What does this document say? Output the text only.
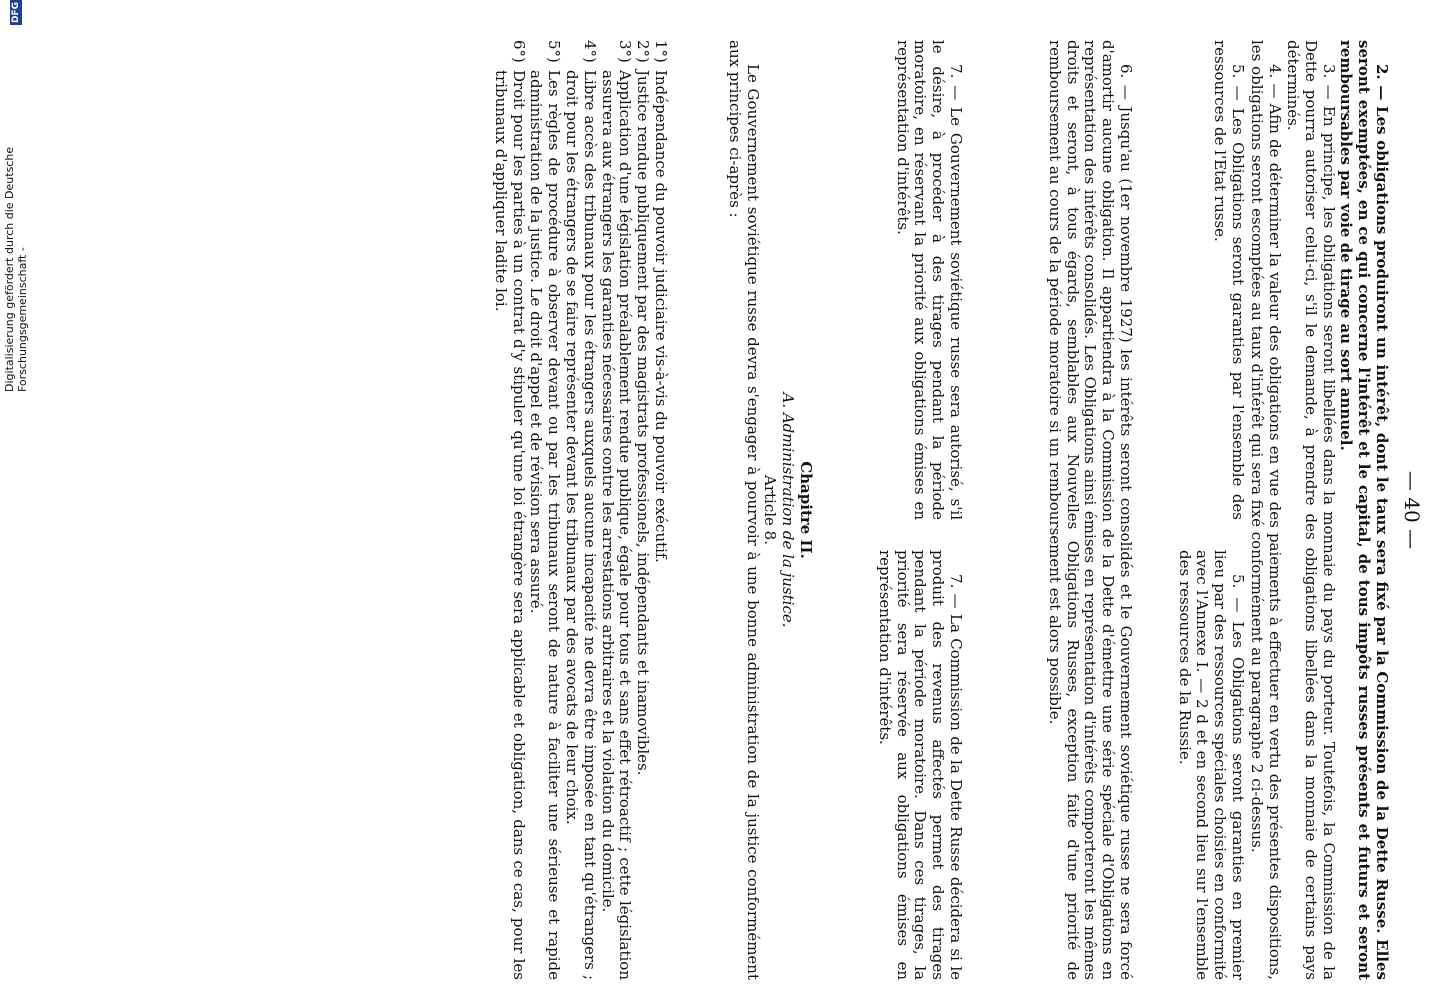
— 40 —

2. — Les obligations produiront un intérêt, dont le taux sera fixé par la Commission de la Dette Russe. Elles seront exemptées, en ce qui concerne l'intérêt et le capital, de tous impôts russes présents et futurs et seront remboursables par voie de tirage au sort annuel.

3. — En principe, les obligations seront libellées dans la monnaie du pays du porteur. Toutefois, la Commission de la Dette pourra autoriser celui-ci, s'il le demande, à prendre des obligations libellées dans la monnaie de certains pays déterminés.

4. — Afin de déterminer la valeur des obligations en vue des paiements à effectuer en vertu des présentes dispositions, les obligations seront escomptées au taux d'intérêt qui sera fixé conformément au paragraphe 2 ci-dessus.

5. — Les Obligations seront garanties par l'ensemble des ressources de l'Etat russe.

5. — Les Obligations seront garanties en premier lieu par des ressources spéciales choisies en conformité avec l'Annexe I. — 2 d et en second lieu sur l'ensemble des ressources de la Russie.

6. — Jusqu'au (1er novembre 1927) les intérêts seront consolidés et le Gouvernement soviétique russe ne sera forcé d'amortir aucune obligation. Il appartiendra à la Commission de la Dette d'émettre une série spéciale d'Obligations en représentation des intérêts consolidés. Les Obligations ainsi émises en représentation d'intérêts comporteront les mêmes droits et seront, à tous égards, semblables aux Nouvelles Obligations Russes, exception faite d'une priorité de remboursement au cours de la période moratoire si un remboursement est alors possible.

7. — Le Gouvernement soviétique russe sera autorisé, s'il le désire, à procéder à des tirages pendant la période moratoire, en réservant la priorité aux obligations émises en représentation d'intérêts.

7. — La Commission de la Dette Russe décidera si le produit des revenus affectés permet des tirages pendant la période moratoire. Dans ces tirages, la priorité sera réservée aux obligations émises en représentation d'intérêts.

Chapitre II.

A. Administration de la justice.

Article 8.

Le Gouvernement soviétique russe devra s'engager à pourvoir à une bonne administration de la justice conformément aux principes ci-après :

1°)
Indépendance du pouvoir judiciaire vis-à-vis du pouvoir exécutif.
2°)
Justice rendue publiquement par des magistrats professionels, indépendants et inamovibles.
3°)
Application d'une législation préalablement rendue publique, égale pour tous et sans effet rétroactif ; cette législation assurera aux étrangers les garanties nécessaires contre les arrestations arbitraires et la violation du domicile.
4°)
Libre accès des tribunaux pour les étrangers auxquels aucune incapacité ne devra être imposée en tant qu'étrangers ; droit pour les étrangers de se faire représenter devant les tribunaux par des avocats de leur choix.
5°)
Les règles de procédure à observer devant ou par les tribunaux seront de nature à faciliter une sérieuse et rapide administration de la justice. Le droit d'appel et de révision sera assuré.
6°)
Droit pour les parties à un contrat d'y stipuler qu'une loi étrangère sera applicable et obligation, dans ce cas, pour les tribunaux d'appliquer ladite loi.
Digitalisierung gefördert durch die Deutsche Forschungsgemeinschaft -
DFG
